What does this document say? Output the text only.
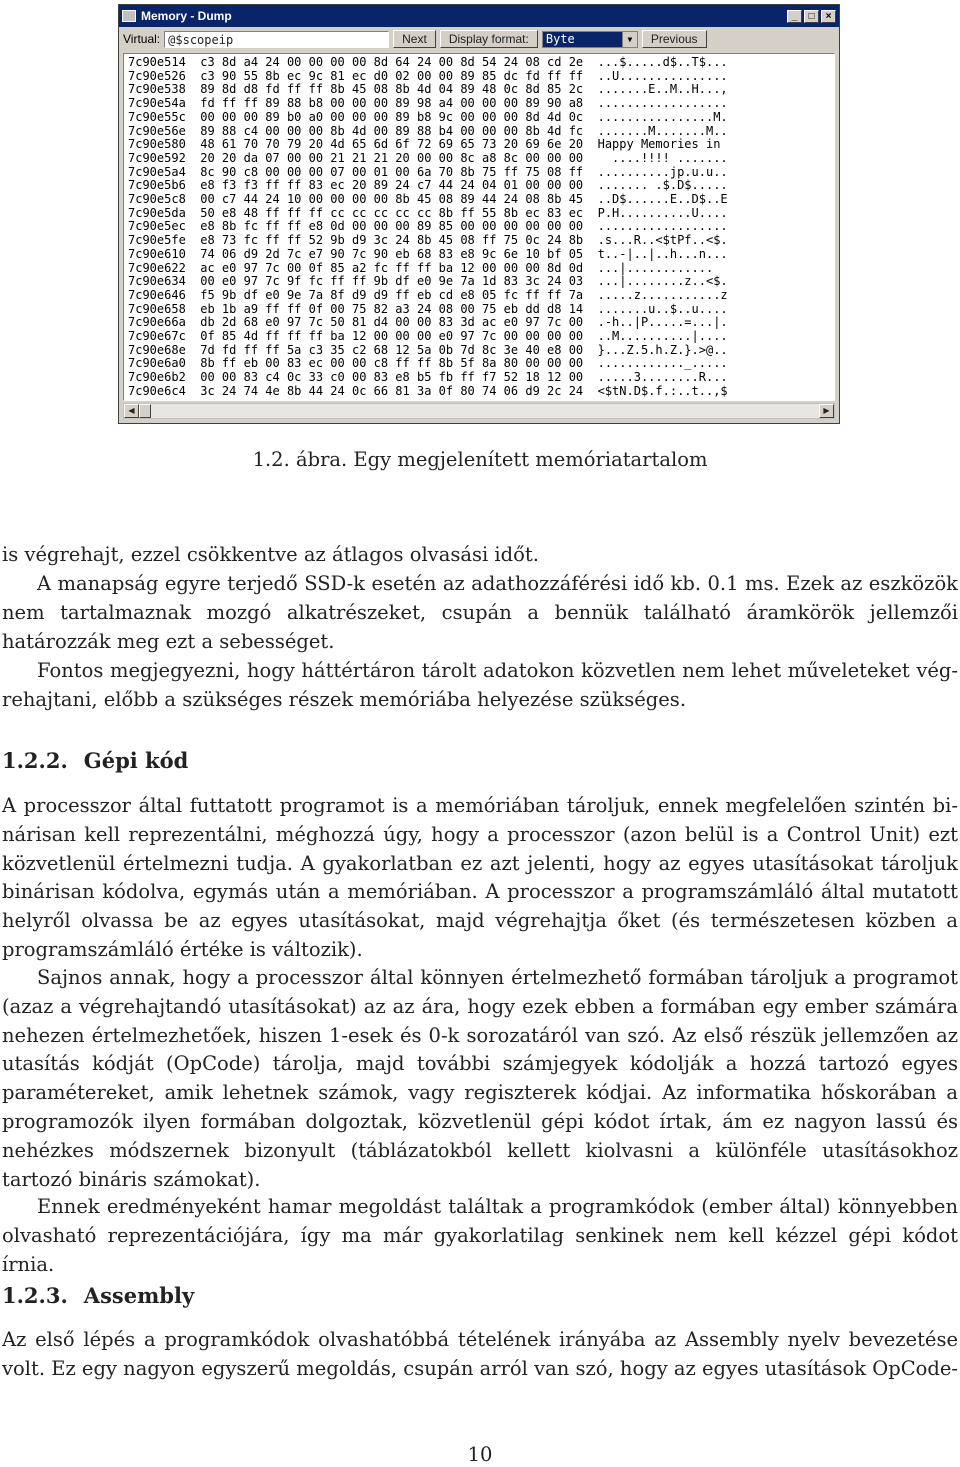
Memory - Dump	_	□	×
Virtual: @$scopeip	Next	Display format:	Byte	▼	Previous
7c90e514  c3 8d a4 24 00 00 00 00 8d 64 24 00 8d 54 24 08 cd 2e  ...$.....d$..T$...
7c90e526  c3 90 55 8b ec 9c 81 ec d0 02 00 00 89 85 dc fd ff ff  ..U...............
7c90e538  89 8d d8 fd ff ff 8b 45 08 8b 4d 04 89 48 0c 8d 85 2c  .......E..M..H...,
7c90e54a  fd ff ff 89 88 b8 00 00 00 89 98 a4 00 00 00 89 90 a8  ..................
7c90e55c  00 00 00 89 b0 a0 00 00 00 89 b8 9c 00 00 00 8d 4d 0c  ................M.
7c90e56e  89 88 c4 00 00 00 8b 4d 00 89 88 b4 00 00 00 8b 4d fc  .......M.......M..
7c90e580  48 61 70 70 79 20 4d 65 6d 6f 72 69 65 73 20 69 6e 20  Happy Memories in
7c90e592  20 20 da 07 00 00 21 21 21 20 00 00 8c a8 8c 00 00 00    ....!!!! .......
7c90e5a4  8c 90 c8 00 00 00 07 00 01 00 6a 70 8b 75 ff 75 08 ff  ..........jp.u.u..
7c90e5b6  e8 f3 f3 ff ff 83 ec 20 89 24 c7 44 24 04 01 00 00 00  ....... .$.D$.....
7c90e5c8  00 c7 44 24 10 00 00 00 00 8b 45 08 89 44 24 08 8b 45  ..D$......E..D$..E
7c90e5da  50 e8 48 ff ff ff cc cc cc cc cc 8b ff 55 8b ec 83 ec  P.H..........U....
7c90e5ec  e8 8b fc ff ff e8 0d 00 00 00 89 85 00 00 00 00 00 00  ..................
7c90e5fe  e8 73 fc ff ff 52 9b d9 3c 24 8b 45 08 ff 75 0c 24 8b  .s...R..<$tPf..<$.
7c90e610  74 06 d9 2d 7c e7 90 7c 90 eb 68 83 e8 9c 6e 10 bf 05  t..-|..|..h...n...
7c90e622  ac e0 97 7c 00 0f 85 a2 fc ff ff ba 12 00 00 00 8d 0d  ...|............
7c90e634  00 e0 97 7c 9f fc ff ff 9b df e0 9e 7a 1d 83 3c 24 03  ...|........z..<$.
7c90e646  f5 9b df e0 9e 7a 8f d9 d9 ff eb cd e8 05 fc ff ff 7a  .....z...........z
7c90e658  eb 1b a9 ff ff 0f 00 75 82 a3 24 08 00 75 eb dd d8 14  .......u..$..u....
7c90e66a  db 2d 68 e0 97 7c 50 81 d4 00 00 83 3d ac e0 97 7c 00  .-h..|P.....=...|.
7c90e67c  0f 85 4d ff ff ff ba 12 00 00 00 e0 97 7c 00 00 00 00  ..M..........|....
7c90e68e  7d fd ff ff 5a c3 35 c2 68 12 5a 0b 7d 8c 3e 40 e8 00  }...Z.5.h.Z.}.>@..
7c90e6a0  8b ff eb 00 83 ec 00 00 c8 ff ff 8b 5f 8a 80 00 00 00  ............_.....
7c90e6b2  00 00 83 c4 0c 33 c0 00 83 e8 b5 fb ff f7 52 18 12 00  .....3........R...
7c90e6c4  3c 24 74 4e 8b 44 24 0c 66 81 3a 0f 80 74 06 d9 2c 24  <$tN.D$.f.:..t..,$
◀	▶
1.2. ábra. Egy megjelenített memóriatartalom

is végrehajt, ezzel csökkentve az átlagos olvasási időt.

A manapság egyre terjedő SSD-k esetén az adathozzáférési idő kb. 0.1 ms. Ezek az eszközök nem tartalmaznak mozgó alkatrészeket, csupán a bennük található áramkörök jellemzői határozzák meg ezt a sebességet.

Fontos megjegyezni, hogy háttértáron tárolt adatokon közvetlen nem lehet műveleteket végrehajtani, előbb a szükséges részek memóriába helyezése szükséges.

1.2.2. Gépi kód

A processzor által futtatott programot is a memóriában tároljuk, ennek megfelelően szintén binárisan kell reprezentálni, méghozzá úgy, hogy a processzor (azon belül is a Control Unit) ezt közvetlenül értelmezni tudja. A gyakorlatban ez azt jelenti, hogy az egyes utasításokat tároljuk binárisan kódolva, egymás után a memóriában. A processzor a programszámláló által mutatott helyről olvassa be az egyes utasításokat, majd végrehajtja őket (és természetesen közben a programszámláló értéke is változik).

Sajnos annak, hogy a processzor által könnyen értelmezhető formában tároljuk a programot (azaz a végrehajtandó utasításokat) az az ára, hogy ezek ebben a formában egy ember számára nehezen értelmezhetőek, hiszen 1-esek és 0-k sorozatáról van szó. Az első részük jellemzően az utasítás kódját (OpCode) tárolja, majd további számjegyek kódolják a hozzá tartozó egyes paramétereket, amik lehetnek számok, vagy regiszterek kódjai. Az informatika hőskorában a programozók ilyen formában dolgoztak, közvetlenül gépi kódot írtak, ám ez nagyon lassú és nehézkes módszernek bizonyult (táblázatokból kellett kiolvasni a különféle utasításokhoz tartozó bináris számokat).

Ennek eredményeként hamar megoldást találtak a programkódok (ember által) könnyebben olvasható reprezentációjára, így ma már gyakorlatilag senkinek nem kell kézzel gépi kódot írnia.

1.2.3. Assembly

Az első lépés a programkódok olvashatóbbá tételének irányába az Assembly nyelv bevezetése volt. Ez egy nagyon egyszerű megoldás, csupán arról van szó, hogy az egyes utasítások OpCode-

10
